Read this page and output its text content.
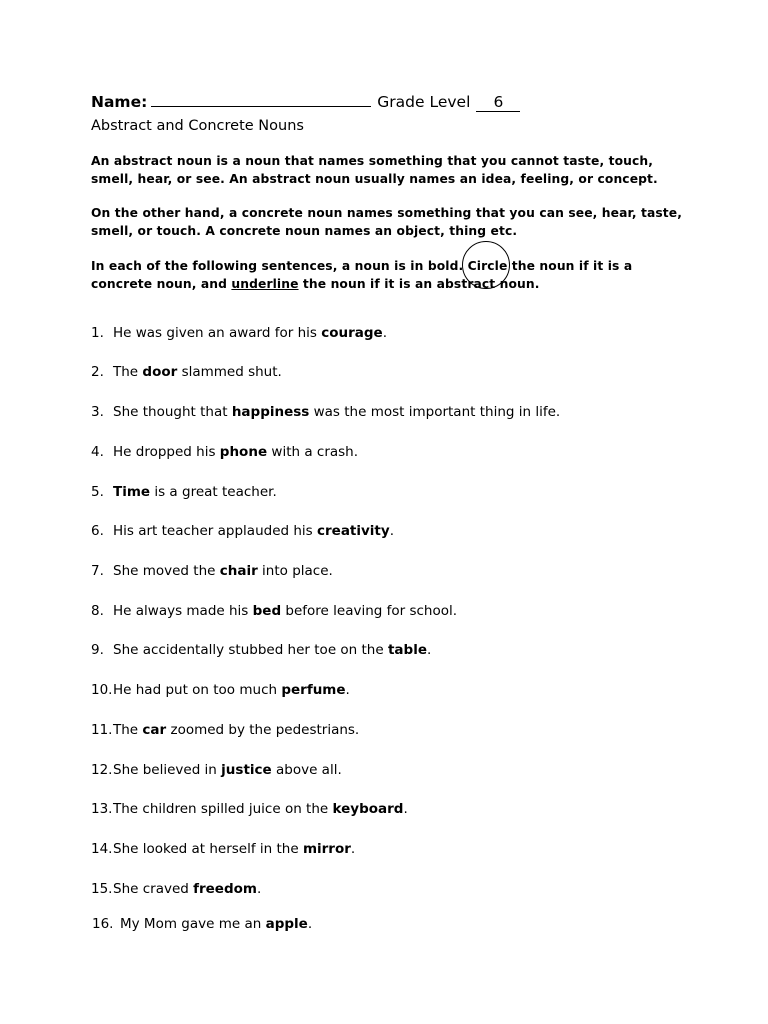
Name:	Grade Level 6
Abstract and Concrete Nouns
An abstract noun is a noun that names something that you cannot taste, touch, smell, hear, or see. An abstract noun usually names an idea, feeling, or concept.
On the other hand, a concrete noun names something that you can see, hear, taste, smell, or touch. A concrete noun names an object, thing etc.
In each of the following sentences, a noun is in bold. Circle the noun if it is a concrete noun, and underline the noun if it is an abstract noun.
1. He was given an award for his courage.
2. The door slammed shut.
3. She thought that happiness was the most important thing in life.
4. He dropped his phone with a crash.
5. Time is a great teacher.
6. His art teacher applauded his creativity.
7. She moved the chair into place.
8. He always made his bed before leaving for school.
9. She accidentally stubbed her toe on the table.
10.He had put on too much perfume.
11.The car zoomed by the pedestrians.
12.She believed in justice above all.
13.The children spilled juice on the keyboard.
14.She looked at herself in the mirror.
15.She craved freedom.
16. My Mom gave me an apple.
